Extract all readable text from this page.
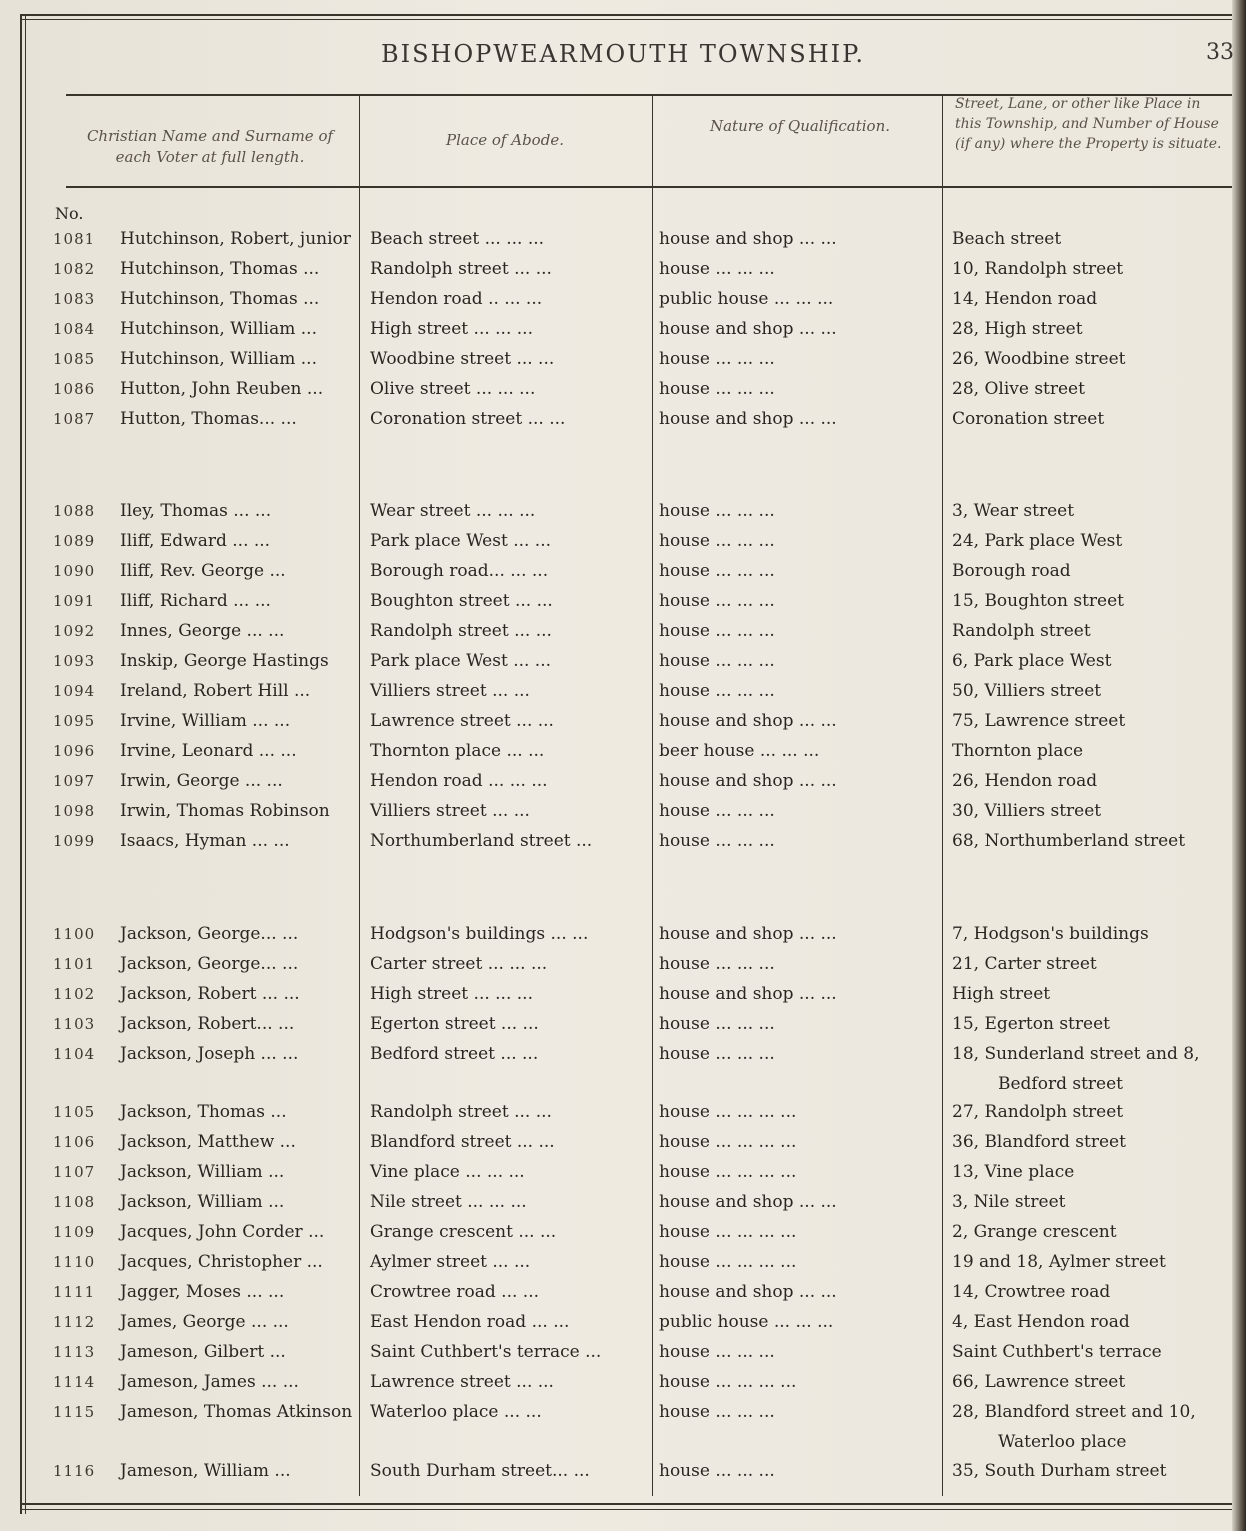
BISHOPWEARMOUTH TOWNSHIP.	33
Christian Name and Surname of each Voter at full length.
Place of Abode.
Nature of Qualification.
Street, Lane, or other like Place in this Township, and Number of House (if any) where the Property is situate.
No.
1081	Hutchinson, Robert, junior	Beach street ... ... ...	house and shop ... ...	Beach street
1082	Hutchinson, Thomas ...	Randolph street ... ...	house ... ... ...	10, Randolph street
1083	Hutchinson, Thomas ...	Hendon road .. ... ...	public house ... ... ...	14, Hendon road
1084	Hutchinson, William ...	High street ... ... ...	house and shop ... ...	28, High street
1085	Hutchinson, William ...	Woodbine street ... ...	house ... ... ...	26, Woodbine street
1086	Hutton, John Reuben ...	Olive street ... ... ...	house ... ... ...	28, Olive street
1087	Hutton, Thomas... ...	Coronation street ... ...	house and shop ... ...	Coronation street
1088	Iley, Thomas ... ...	Wear street ... ... ...	house ... ... ...	3, Wear street
1089	Iliff, Edward ... ...	Park place West ... ...	house ... ... ...	24, Park place West
1090	Iliff, Rev. George ...	Borough road... ... ...	house ... ... ...	Borough road
1091	Iliff, Richard ... ...	Boughton street ... ...	house ... ... ...	15, Boughton street
1092	Innes, George ... ...	Randolph street ... ...	house ... ... ...	Randolph street
1093	Inskip, George Hastings	Park place West ... ...	house ... ... ...	6, Park place West
1094	Ireland, Robert Hill ...	Villiers street ... ...	house ... ... ...	50, Villiers street
1095	Irvine, William ... ...	Lawrence street ... ...	house and shop ... ...	75, Lawrence street
1096	Irvine, Leonard ... ...	Thornton place ... ...	beer house ... ... ...	Thornton place
1097	Irwin, George ... ...	Hendon road ... ... ...	house and shop ... ...	26, Hendon road
1098	Irwin, Thomas Robinson	Villiers street ... ...	house ... ... ...	30, Villiers street
1099	Isaacs, Hyman ... ...	Northumberland street ...	house ... ... ...	68, Northumberland street
1100	Jackson, George... ...	Hodgson's buildings ... ...	house and shop ... ...	7, Hodgson's buildings
1101	Jackson, George... ...	Carter street ... ... ...	house ... ... ...	21, Carter street
1102	Jackson, Robert ... ...	High street ... ... ...	house and shop ... ...	High street
1103	Jackson, Robert... ...	Egerton street ... ...	house ... ... ...	15, Egerton street
1104	Jackson, Joseph ... ...	Bedford street ... ...	house ... ... ...	18, Sunderland street and 8,
Bedford street
1105	Jackson, Thomas ...	Randolph street ... ...	house ... ... ... ...	27, Randolph street
1106	Jackson, Matthew ...	Blandford street ... ...	house ... ... ... ...	36, Blandford street
1107	Jackson, William ...	Vine place ... ... ...	house ... ... ... ...	13, Vine place
1108	Jackson, William ...	Nile street ... ... ...	house and shop ... ...	3, Nile street
1109	Jacques, John Corder ...	Grange crescent ... ...	house ... ... ... ...	2, Grange crescent
1110	Jacques, Christopher ...	Aylmer street ... ...	house ... ... ... ...	19 and 18, Aylmer street
1111	Jagger, Moses ... ...	Crowtree road ... ...	house and shop ... ...	14, Crowtree road
1112	James, George ... ...	East Hendon road ... ...	public house ... ... ...	4, East Hendon road
1113	Jameson, Gilbert ...	Saint Cuthbert's terrace ...	house ... ... ...	Saint Cuthbert's terrace
1114	Jameson, James ... ...	Lawrence street ... ...	house ... ... ... ...	66, Lawrence street
1115	Jameson, Thomas Atkinson	Waterloo place ... ...	house ... ... ...	28, Blandford street and 10,
Waterloo place
1116	Jameson, William ...	South Durham street... ...	house ... ... ...	35, South Durham street
